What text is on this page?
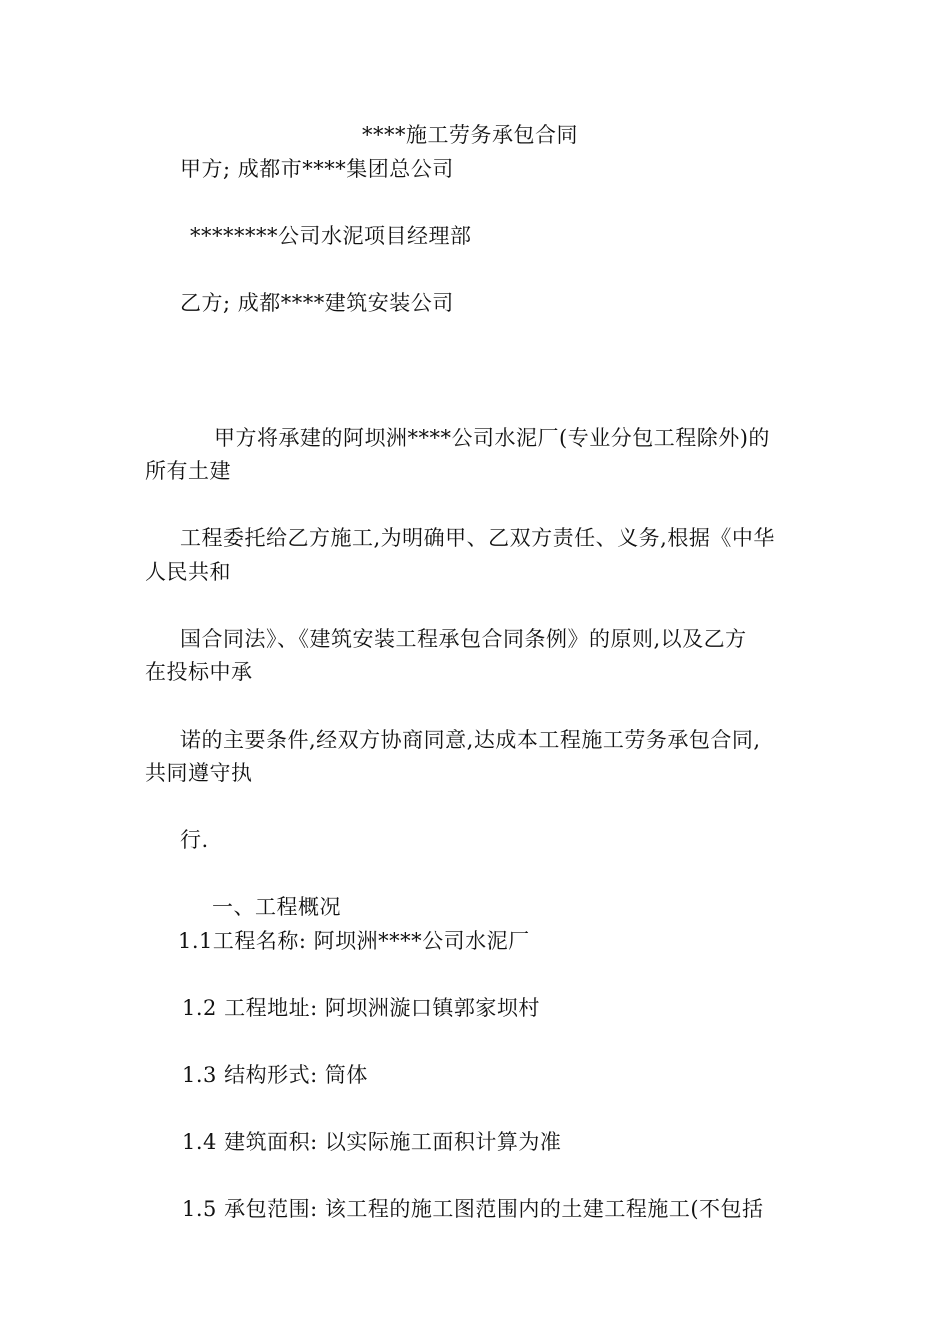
****施工劳务承包合同
甲方; 成都市****集团总公司
********公司水泥项目经理部
乙方; 成都****建筑安装公司
甲方将承建的阿坝洲****公司水泥厂(专业分包工程除外)的
所有土建
工程委托给乙方施工,为明确甲、乙双方责任、义务,根据《中华
人民共和
国合同法》、《建筑安装工程承包合同条例》的原则,以及乙方
在投标中承
诺的主要条件,经双方协商同意,达成本工程施工劳务承包合同,
共同遵守执
行.
一、工程概况
1.1工程名称: 阿坝洲****公司水泥厂
1.2 工程地址: 阿坝洲漩口镇郭家坝村
1.3 结构形式: 筒体
1.4 建筑面积: 以实际施工面积计算为准
1.5 承包范围: 该工程的施工图范围内的土建工程施工(不包括
